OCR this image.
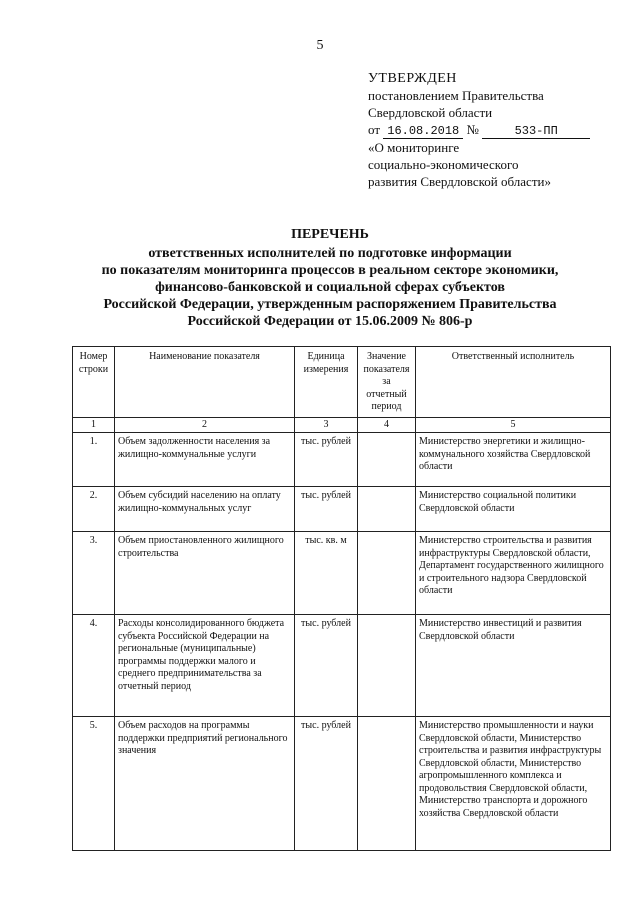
5
УТВЕРЖДЕН
постановлением Правительства
Свердловской области
от 16.08.2018 №	533-ПП
«О мониторинге
социально-экономического
развития Свердловской области»
ПЕРЕЧЕНЬ
ответственных исполнителей по подготовке информации
по показателям мониторинга процессов в реальном секторе экономики,
финансово-банковской и социальной сферах субъектов
Российской Федерации, утвержденным распоряжением Правительства
Российской Федерации от 15.06.2009 № 806-р
Номер строки	Наименование показателя	Единица измерения	Значение показателя за отчетный период	Ответственный исполнитель
1	2	3	4	5
1.	Объем задолженности населения за жилищно-коммунальные услуги	тыс. рублей		Министерство энергетики и жилищно-коммунального хозяйства Свердловской области
2.	Объем субсидий населению на оплату жилищно-коммунальных услуг	тыс. рублей		Министерство социальной политики Свердловской области
3.	Объем приостановленного жилищного строительства	тыс. кв. м		Министерство строительства и развития инфраструктуры Свердловской области, Департамент государственного жилищного и строительного надзора Свердловской области
4.	Расходы консолидированного бюджета субъекта Российской Федерации на региональные (муниципальные) программы поддержки малого и среднего предпринимательства за отчетный период	тыс. рублей		Министерство инвестиций и развития Свердловской области
5.	Объем расходов на программы поддержки предприятий регионального значения	тыс. рублей		Министерство промышленности и науки Свердловской области, Министерство строительства и развития инфраструктуры Свердловской области, Министерство агропромышленного комплекса и продовольствия Свердловской области, Министерство транспорта и дорожного хозяйства Свердловской области
